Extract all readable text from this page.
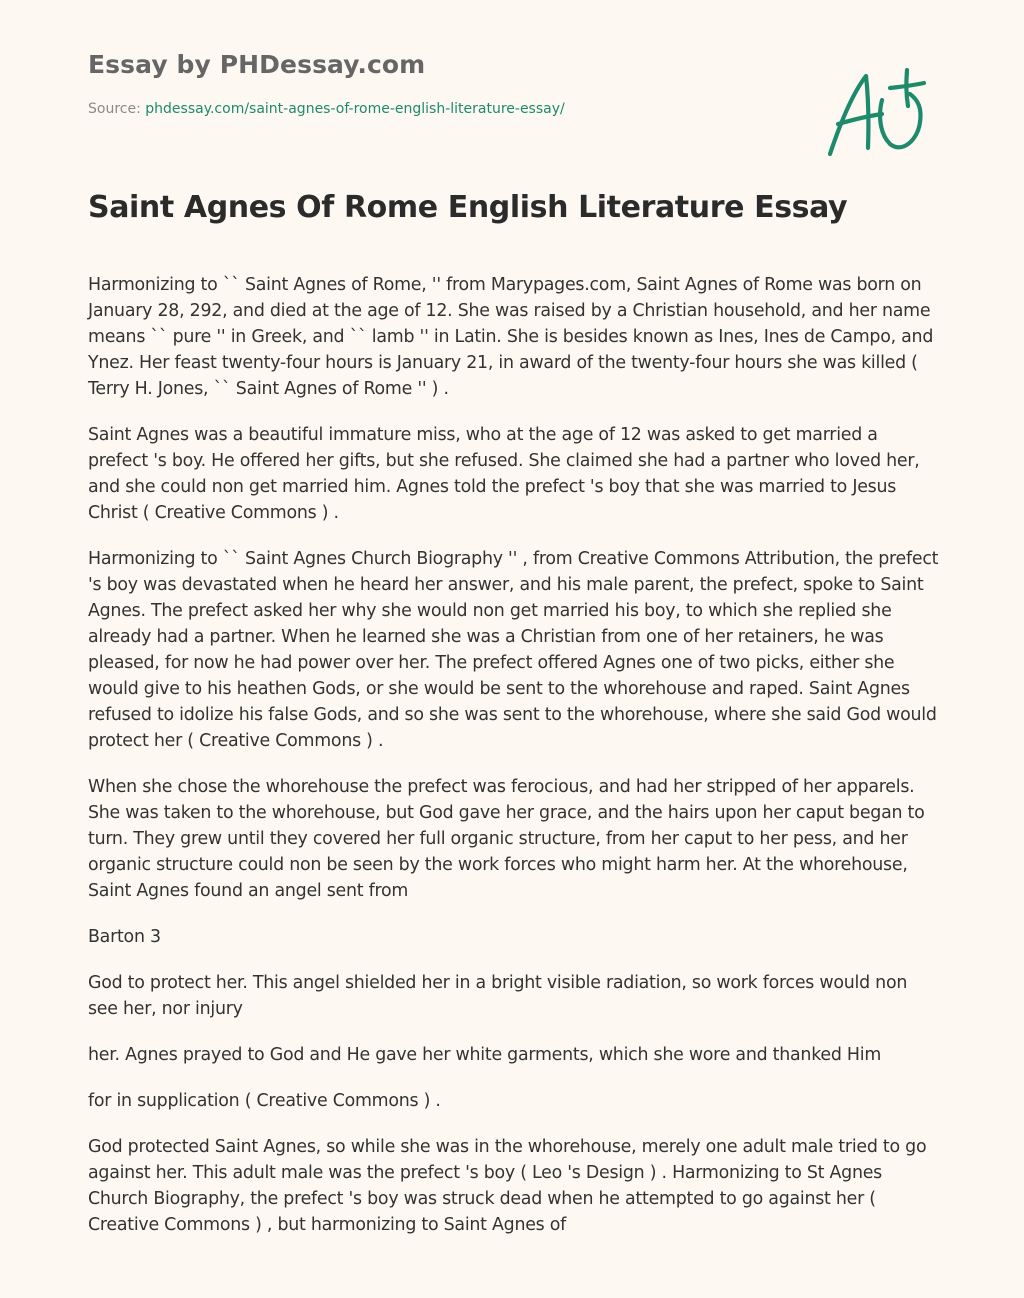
Essay by PHDessay.com
Source: phdessay.com/saint-agnes-of-rome-english-literature-essay/
Saint Agnes Of Rome English Literature Essay

Harmonizing to `` Saint Agnes of Rome, '' from Marypages.com, Saint Agnes of Rome was born on January 28, 292, and died at the age of 12. She was raised by a Christian household, and her name means `` pure '' in Greek, and `` lamb '' in Latin. She is besides known as Ines, Ines de Campo, and Ynez. Her feast twenty-four hours is January 21, in award of the twenty-four hours she was killed ( Terry H. Jones, `` Saint Agnes of Rome '' ) .

Saint Agnes was a beautiful immature miss, who at the age of 12 was asked to get married a prefect 's boy. He offered her gifts, but she refused. She claimed she had a partner who loved her, and she could non get married him. Agnes told the prefect 's boy that she was married to Jesus Christ ( Creative Commons ) .

Harmonizing to `` Saint Agnes Church Biography '' , from Creative Commons Attribution, the prefect 's boy was devastated when he heard her answer, and his male parent, the prefect, spoke to Saint Agnes. The prefect asked her why she would non get married his boy, to which she replied she already had a partner. When he learned she was a Christian from one of her retainers, he was pleased, for now he had power over her. The prefect offered Agnes one of two picks, either she would give to his heathen Gods, or she would be sent to the whorehouse and raped. Saint Agnes refused to idolize his false Gods, and so she was sent to the whorehouse, where she said God would protect her ( Creative Commons ) .

When she chose the whorehouse the prefect was ferocious, and had her stripped of her apparels. She was taken to the whorehouse, but God gave her grace, and the hairs upon her caput began to turn. They grew until they covered her full organic structure, from her caput to her pess, and her organic structure could non be seen by the work forces who might harm her. At the whorehouse, Saint Agnes found an angel sent from

Barton 3

God to protect her. This angel shielded her in a bright visible radiation, so work forces would non see her, nor injury

her. Agnes prayed to God and He gave her white garments, which she wore and thanked Him

for in supplication ( Creative Commons ) .

God protected Saint Agnes, so while she was in the whorehouse, merely one adult male tried to go against her. This adult male was the prefect 's boy ( Leo 's Design ) . Harmonizing to St Agnes Church Biography, the prefect 's boy was struck dead when he attempted to go against her ( Creative Commons ) , but harmonizing to Saint Agnes of
